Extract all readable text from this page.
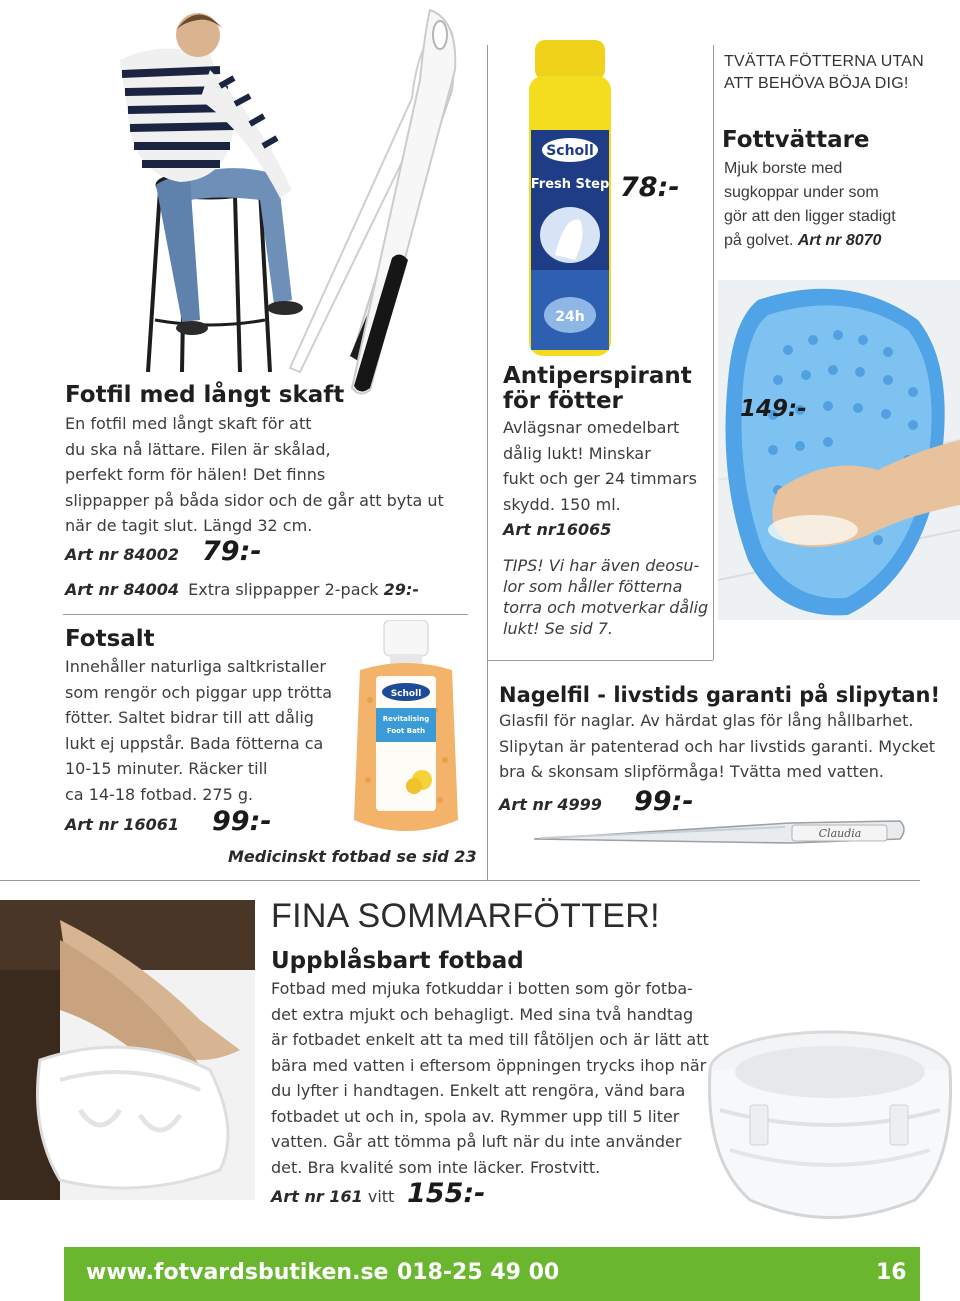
Scholl
Fresh Step
24h
78:-
TVÄTTA FÖTTERNA UTAN
ATT BEHÖVA BÖJA DIG!
Fottvättare
Mjuk borste med
sugkoppar under som
gör att den ligger stadigt
på golvet. Art nr 8070
149:-
Fotfil med långt skaft
En fotfil med långt skaft för att
du ska nå lättare. Filen är skålad,
perfekt form för hälen! Det finns
slippapper på båda sidor och de går att byta ut
när de tagit slut. Längd 32 cm.
Art nr 84002 79:-
Art nr 84004 Extra slippapper 2-pack 29:-
Fotsalt
Innehåller naturliga saltkristaller
som rengör och piggar upp trötta
fötter. Saltet bidrar till att dålig
lukt ej uppstår. Bada fötterna ca
10-15 minuter. Räcker till
ca 14-18 fotbad. 275 g.
Art nr 16061 99:-
Scholl
Revitalising
Foot Bath
Medicinskt fotbad se sid 23
Antiperspirant
för fötter
Avlägsnar omedelbart
dålig lukt! Minskar
fukt och ger 24 timmars
skydd. 150 ml.
Art nr16065
TIPS! Vi har även deosu-
lor som håller fötterna
torra och motverkar dålig
lukt! Se sid 7.
Nagelfil - livstids garanti på slipytan!
Glasfil för naglar. Av härdat glas för lång hållbarhet.
Slipytan är patenterad och har livstids garanti. Mycket
bra & skonsam slipförmåga! Tvätta med vatten.
Art nr 4999 99:-
Claudia
FINA SOMMARFÖTTER!
Uppblåsbart fotbad
Fotbad med mjuka fotkuddar i botten som gör fotba-
det extra mjukt och behagligt. Med sina två handtag
är fotbadet enkelt att ta med till fåtöljen och är lätt att
bära med vatten i eftersom öppningen trycks ihop när
du lyfter i handtagen. Enkelt att rengöra, vänd bara
fotbadet ut och in, spola av. Rymmer upp till 5 liter
vatten. Går att tömma på luft när du inte använder
det. Bra kvalité som inte läcker. Frostvitt.
Art nr 161 vitt 155:-
www.fotvardsbutiken.se 018-25 49 00	16
